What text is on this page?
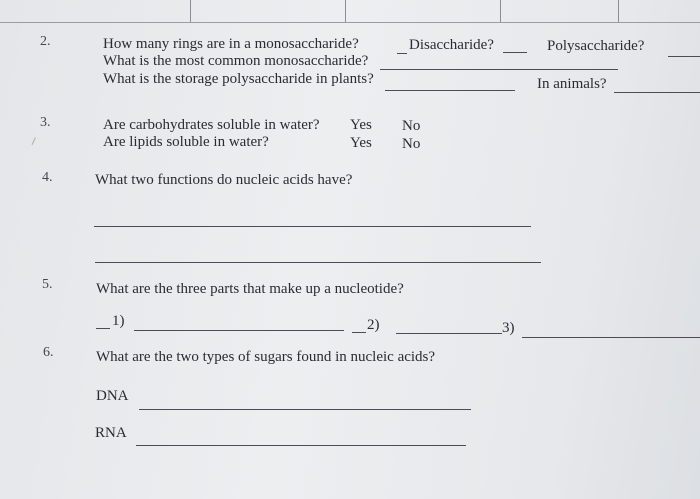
2.	How many rings are in a monosaccharide?	Disaccharide?	Polysaccharide?
What is the most common monosaccharide?
What is the storage polysaccharide in plants?	In animals?
3.	Are carbohydrates soluble in water? Yes No
Are lipids soluble in water?	Yes No
4.	What two functions do nucleic acids have?
5.	What are the three parts that make up a nucleotide?
1)	2)	3)
6.	What are the two types of sugars found in nucleic acids?
DNA
RNA
